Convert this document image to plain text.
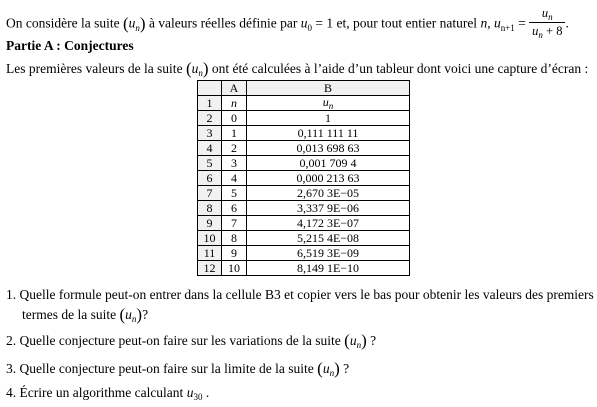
On considère la suite $(u_n)$ à valeurs réelles définie par $u_0 = 1$ et, pour tout entier naturel n, $u_{n+1} = \frac{u_n}{u_n + 8}$ .
Partie A : Conjectures
Les premières valeurs de la suite $(u_n)$ ont été calculées à l’aide d’un tableur dont voici une capture d’écran :
	A	B
1	n	$u_n$
2	0	1
3	1	0,111 111 11
4	2	0,013 698 63
5	3	0,001 709 4
6	4	0,000 213 63
7	5	2,670 3E−05
8	6	3,337 9E−06
9	7	4,172 3E−07
10	8	5,215 4E−08
11	9	6,519 3E−09
12	10	8,149 1E−10
1. Quelle formule peut-on entrer dans la cellule B3 et copier vers le bas pour obtenir les valeurs des premiers
termes de la suite $(u_n)$?
2. Quelle conjecture peut-on faire sur les variations de la suite $(u_n)$ ?
3. Quelle conjecture peut-on faire sur la limite de la suite $(u_n)$ ?
4. Écrire un algorithme calculant $u_{30}$ .
